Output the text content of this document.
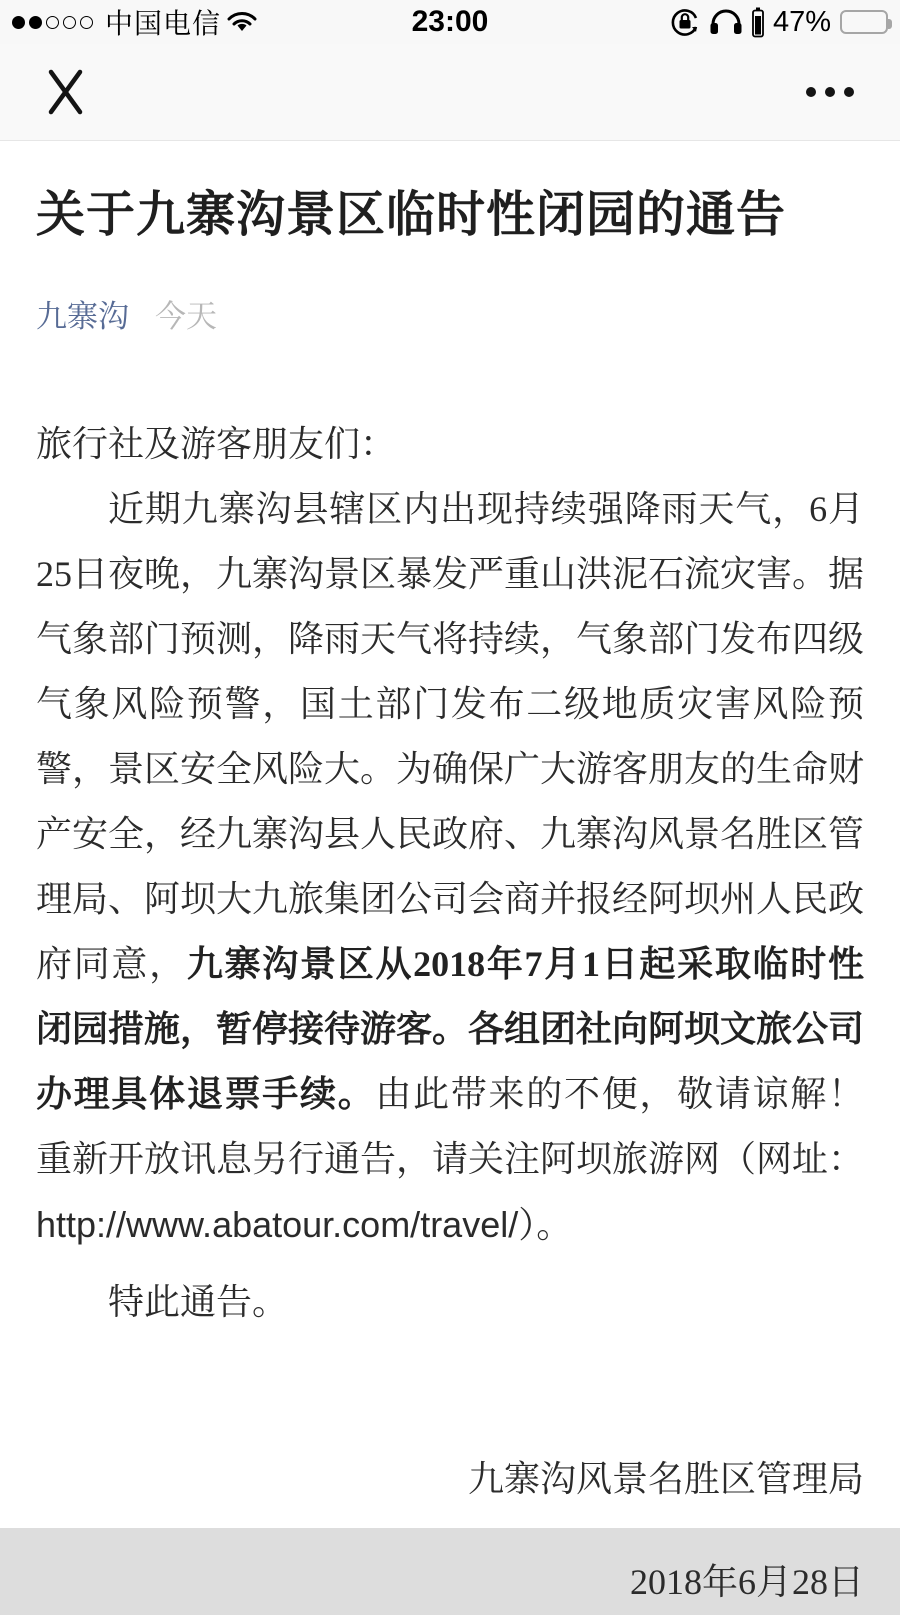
中国电信	23:00	47%
关于九寨沟景区临时性闭园的通告
九寨沟 今天

旅行社及游客朋友们：

近期九寨沟县辖区内出现持续强降雨天气，6月25日夜晚，九寨沟景区暴发严重山洪泥石流灾害。据气象部门预测，降雨天气将持续，气象部门发布四级气象风险预警，国土部门发布二级地质灾害风险预警，景区安全风险大。为确保广大游客朋友的生命财产安全，经九寨沟县人民政府、九寨沟风景名胜区管理局、阿坝大九旅集团公司会商并报经阿坝州人民政府同意，九寨沟景区从2018年7月1日起采取临时性闭园措施，暂停接待游客。各组团社向阿坝文旅公司办理具体退票手续。由此带来的不便，敬请谅解！重新开放讯息另行通告，请关注阿坝旅游网（网址：http://www.abatour.com/travel/）。

特此通告。

九寨沟风景名胜区管理局

2018年6月28日
